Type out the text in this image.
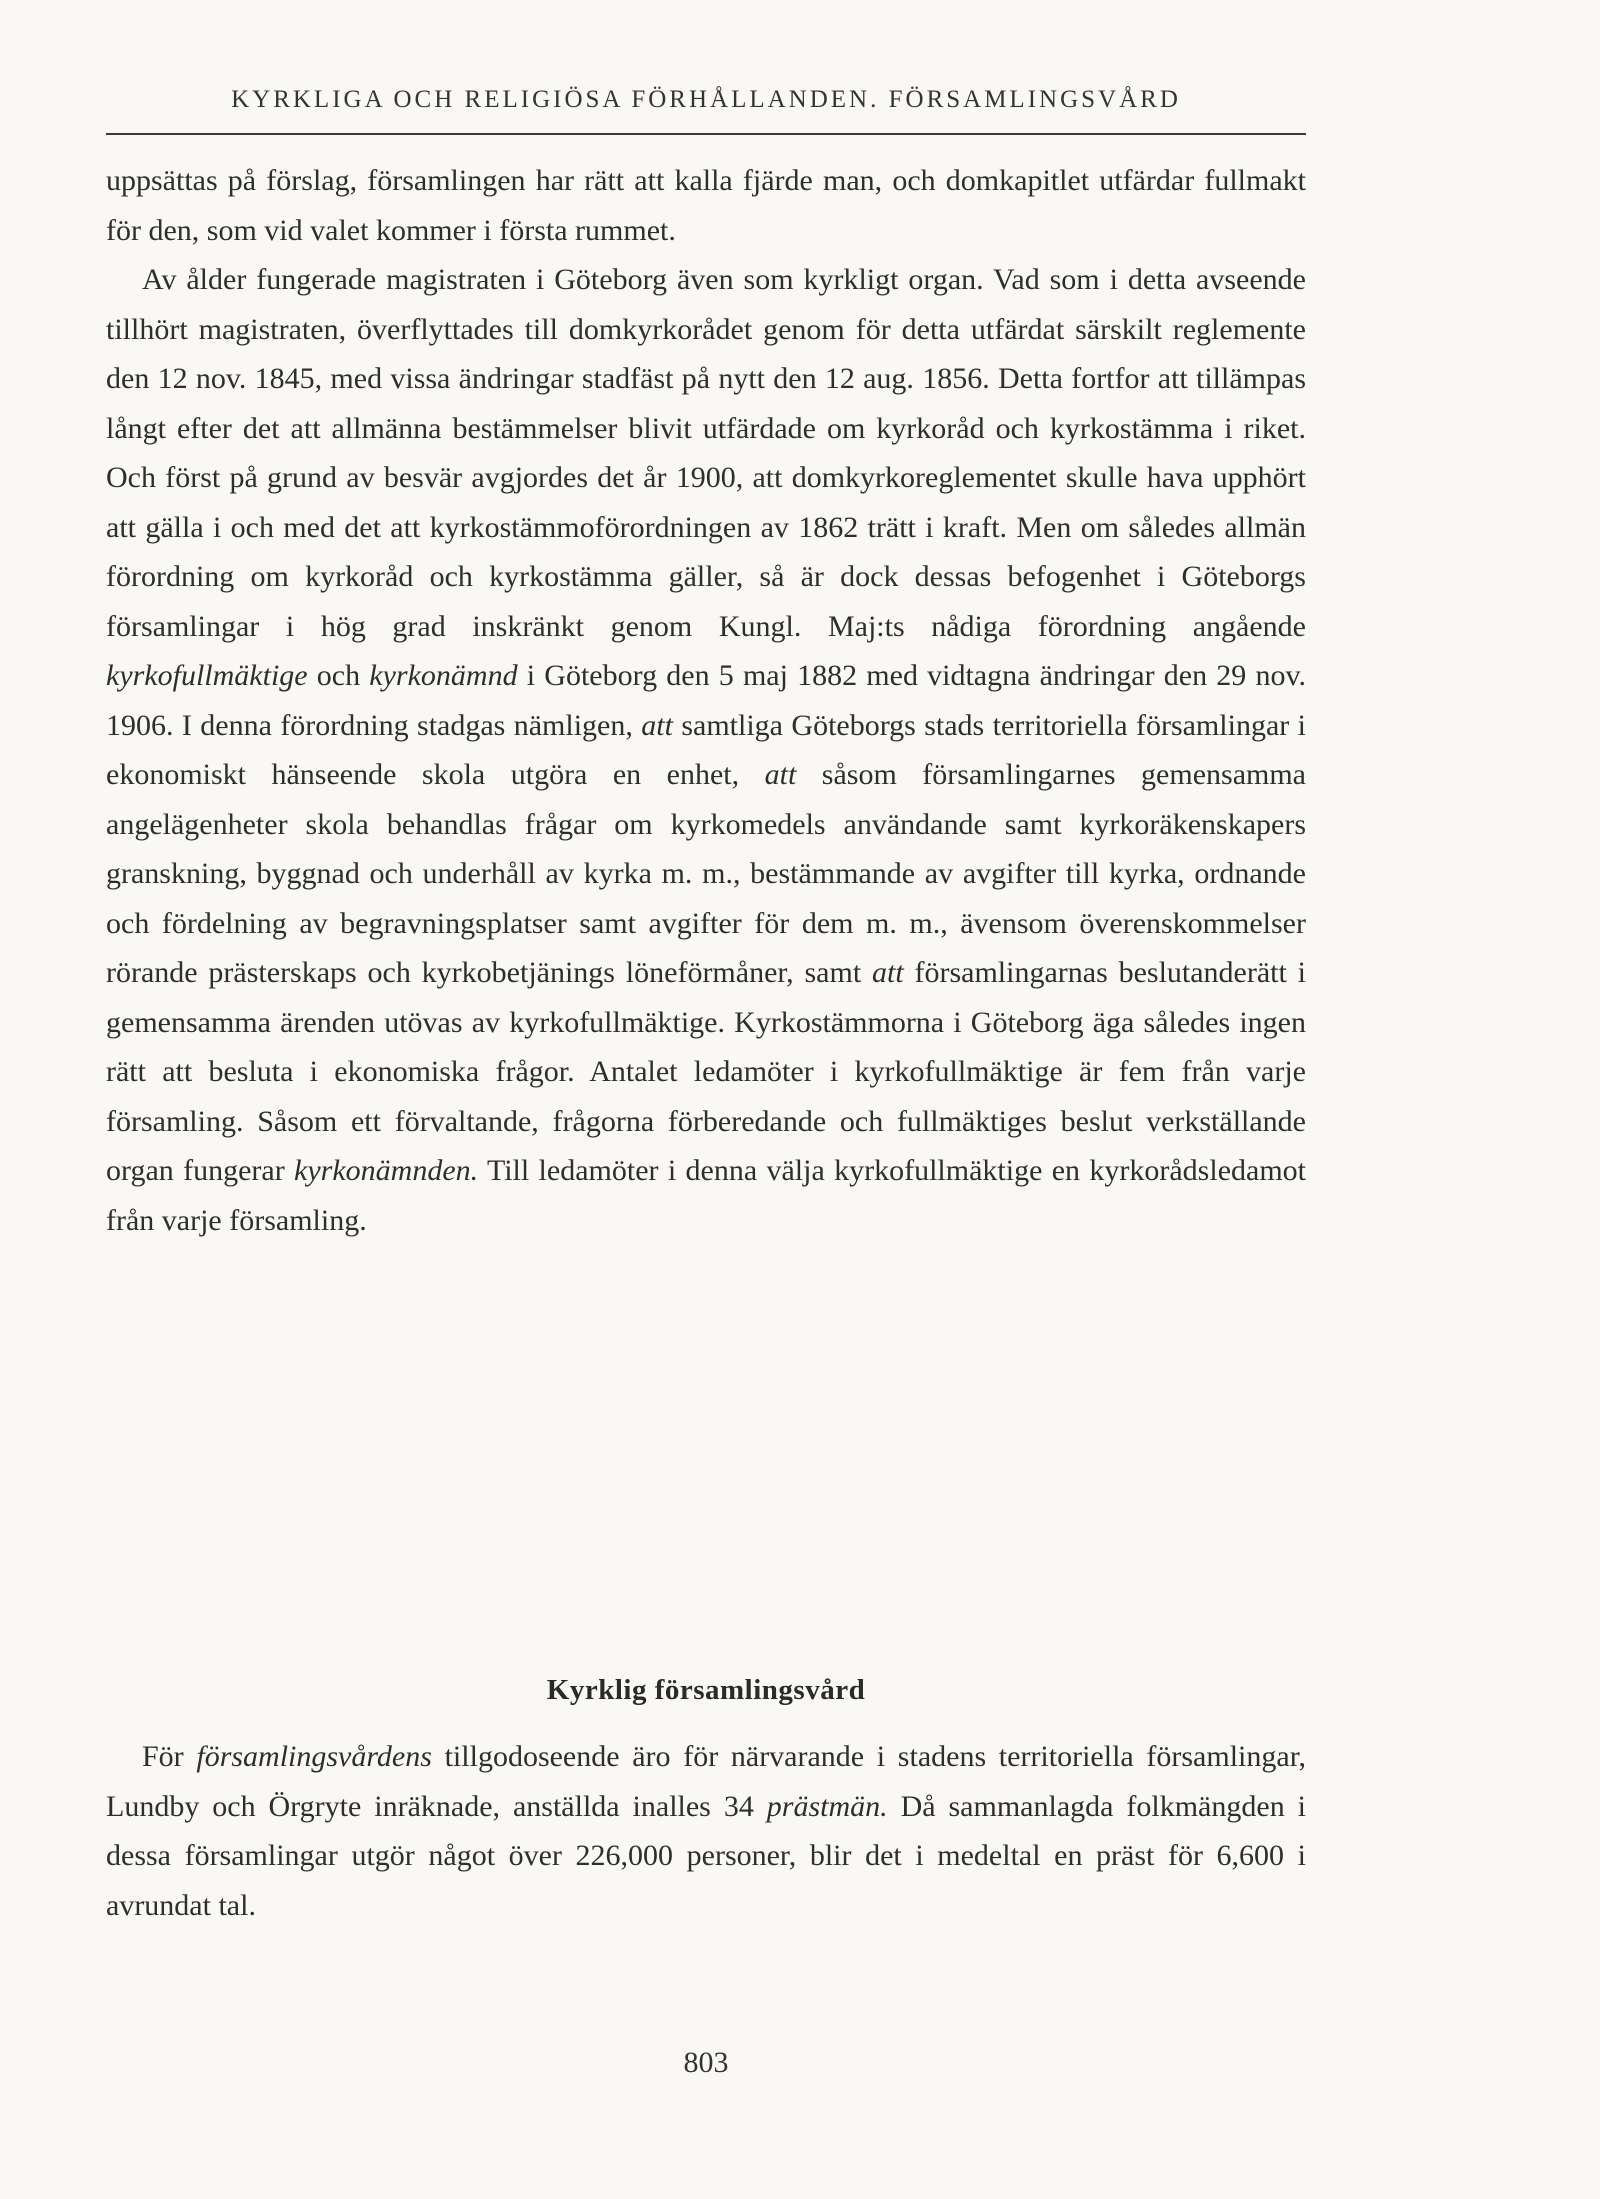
KYRKLIGA OCH RELIGIÖSA FÖRHÅLLANDEN. FÖRSAMLINGSVÅRD

uppsättas på förslag, församlingen har rätt att kalla fjärde man, och domkapitlet utfärdar fullmakt för den, som vid valet kommer i första rummet.

Av ålder fungerade magistraten i Göteborg även som kyrkligt organ. Vad som i detta avseende tillhört magistraten, överflyttades till domkyrkorådet genom för detta utfärdat särskilt reglemente den 12 nov. 1845, med vissa ändringar stadfäst på nytt den 12 aug. 1856. Detta fortfor att tillämpas långt efter det att allmänna bestämmelser blivit utfärdade om kyrkoråd och kyrkostämma i riket. Och först på grund av besvär avgjordes det år 1900, att domkyrkoreglementet skulle hava upphört att gälla i och med det att kyrkostämmoförordningen av 1862 trätt i kraft. Men om således allmän förordning om kyrkoråd och kyrkostämma gäller, så är dock dessas befogenhet i Göteborgs församlingar i hög grad inskränkt genom Kungl. Maj:ts nådiga förordning angående kyrkofullmäktige och kyrkonämnd i Göteborg den 5 maj 1882 med vidtagna ändringar den 29 nov. 1906. I denna förordning stadgas nämligen, att samtliga Göteborgs stads territoriella församlingar i ekonomiskt hänseende skola utgöra en enhet, att såsom församlingarnes gemensamma angelägenheter skola behandlas frågar om kyrkomedels användande samt kyrkoräkenskapers granskning, byggnad och underhåll av kyrka m. m., bestämmande av avgifter till kyrka, ordnande och fördelning av begravningsplatser samt avgifter för dem m. m., ävensom överenskommelser rörande prästerskaps och kyrkobetjänings löneförmåner, samt att församlingarnas beslutanderätt i gemensamma ärenden utövas av kyrkofullmäktige. Kyrkostämmorna i Göteborg äga således ingen rätt att besluta i ekonomiska frågor. Antalet ledamöter i kyrkofullmäktige är fem från varje församling. Såsom ett förvaltande, frågorna förberedande och fullmäktiges beslut verkställande organ fungerar kyrkonämnden. Till ledamöter i denna välja kyrkofullmäktige en kyrkorådsledamot från varje församling.

Kyrklig församlingsvård

För församlingsvårdens tillgodoseende äro för närvarande i stadens territoriella församlingar, Lundby och Örgryte inräknade, anställda inalles 34 prästmän. Då sammanlagda folkmängden i dessa församlingar utgör något över 226,000 personer, blir det i medeltal en präst för 6,600 i avrundat tal.

803
